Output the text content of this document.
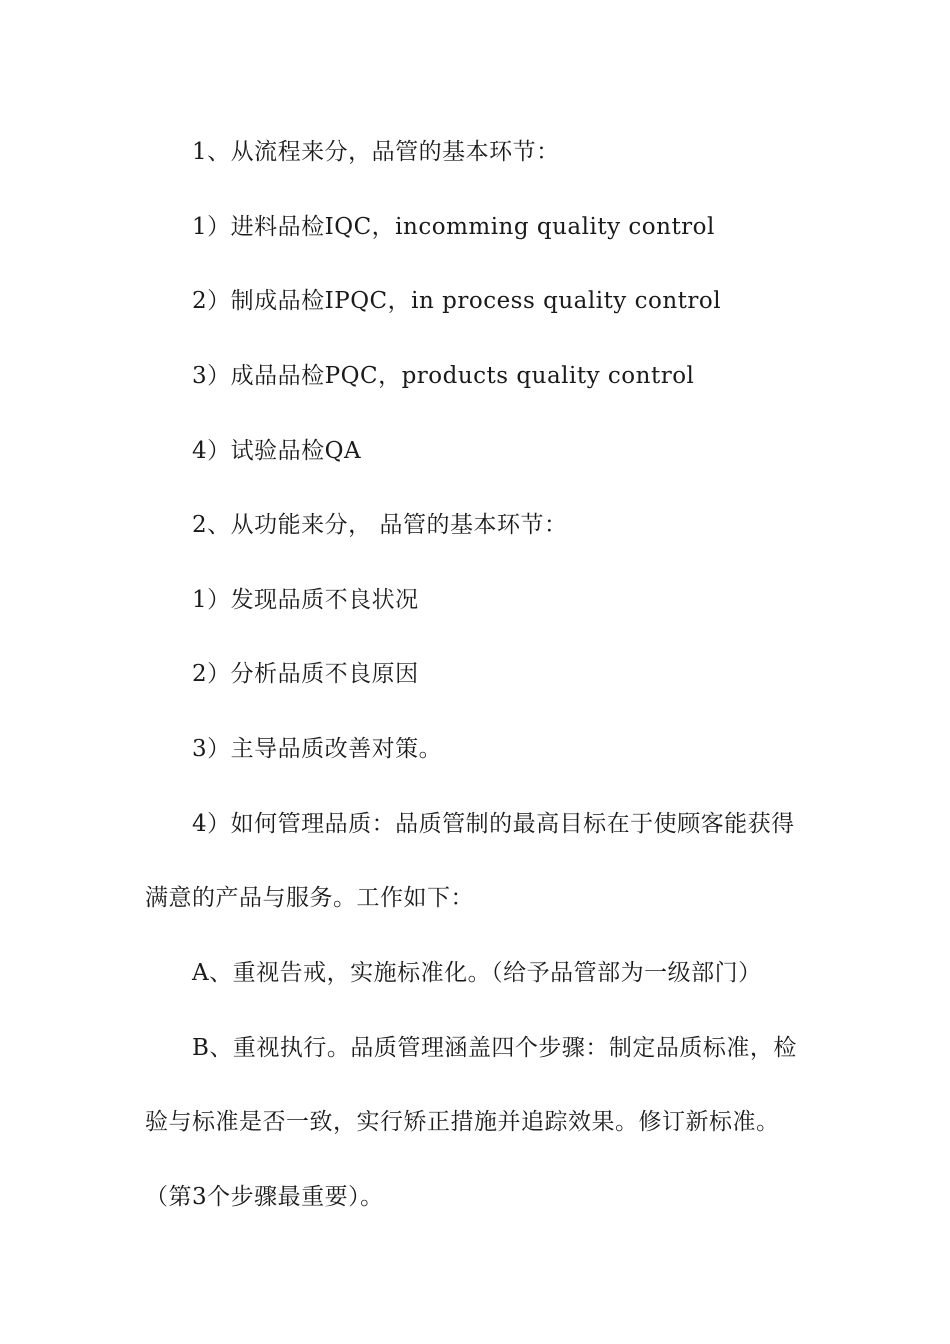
1、从流程来分，品管的基本环节：
1）进料品检IQC，incomming quality control
2）制成品检IPQC，in process quality control
3）成品品检PQC，products quality control
4）试验品检QA
2、从功能来分， 品管的基本环节：
1）发现品质不良状况
2）分析品质不良原因
3）主导品质改善对策。
4）如何管理品质：品质管制的最高目标在于使顾客能获得
满意的产品与服务。工作如下：
A、重视告戒，实施标准化。（给予品管部为一级部门）
B、重视执行。品质管理涵盖四个步骤：制定品质标准，检
验与标准是否一致，实行矫正措施并追踪效果。修订新标准。
（第3个步骤最重要）。
